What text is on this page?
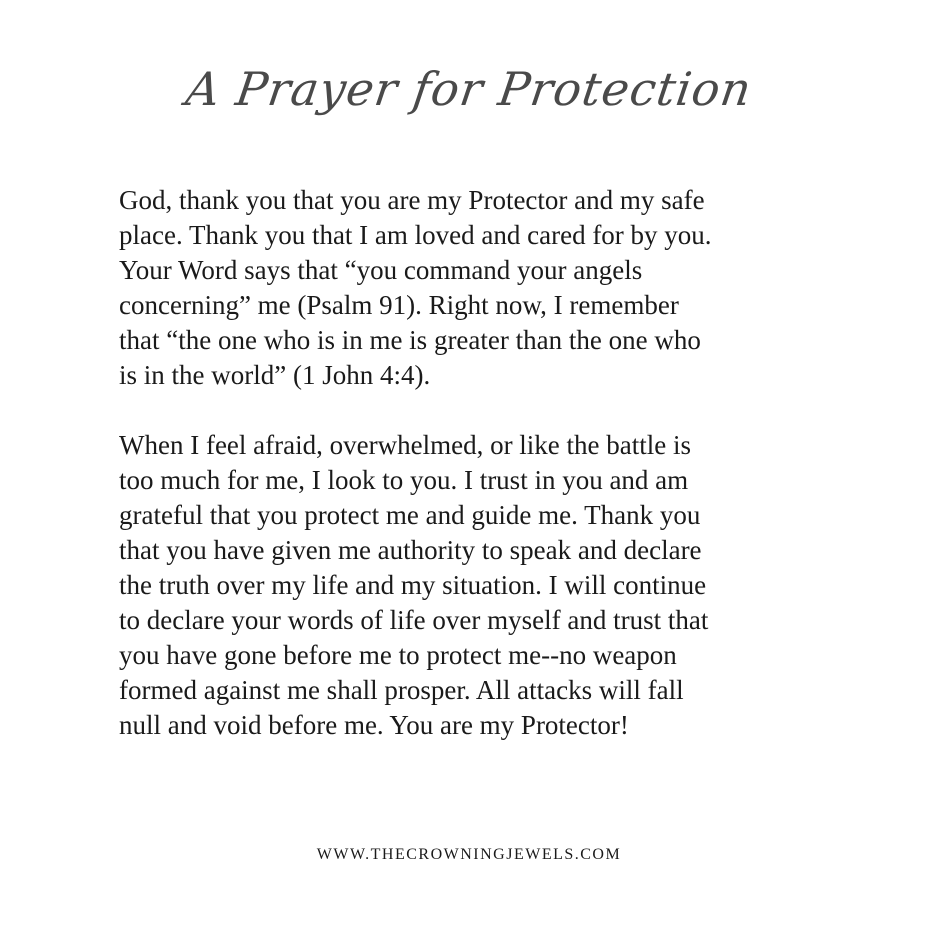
A Prayer for Protection

God, thank you that you are my Protector and my safe
place. Thank you that I am loved and cared for by you.
Your Word says that “you command your angels
concerning” me (Psalm 91). Right now, I remember
that “the one who is in me is greater than the one who
is in the world” (1 John 4:4).

When I feel afraid, overwhelmed, or like the battle is
too much for me, I look to you. I trust in you and am
grateful that you protect me and guide me. Thank you
that you have given me authority to speak and declare
the truth over my life and my situation. I will continue
to declare your words of life over myself and trust that
you have gone before me to protect me--no weapon
formed against me shall prosper. All attacks will fall
null and void before me. You are my Protector!

WWW.THECROWNINGJEWELS.COM
